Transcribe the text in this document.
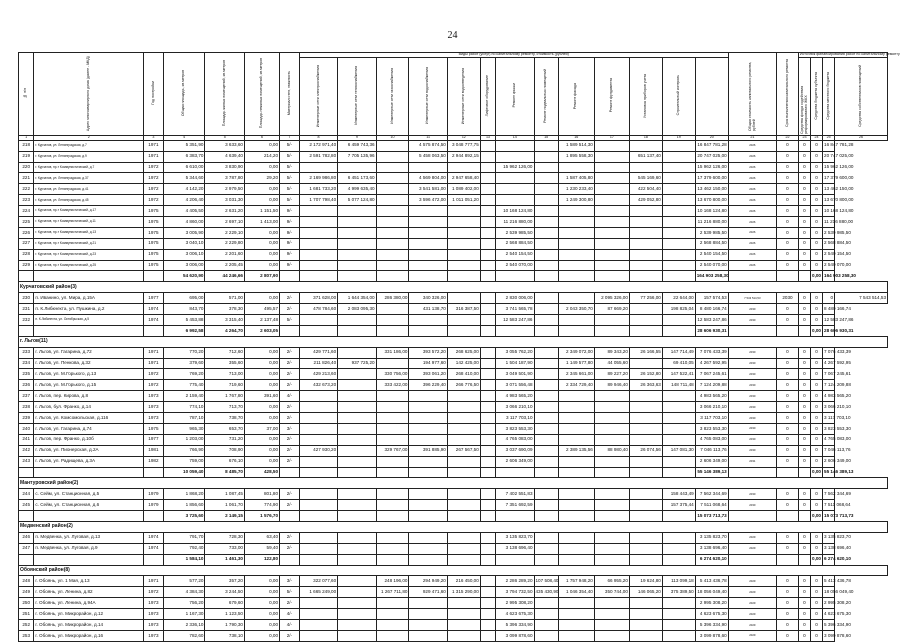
24
№ п/п	Адрес многоквартирного дома (далее - МКД)	Год постройки	Общая площадь, кв.метров	Площадь жилых помещений, кв.метров	Площадь нежилых помещений, кв.метров	Материал стен, этажность	Виды работ (услуг) по капитальному ремонту, стоимость (рублей)													Общая стоимость капитального ремонта, рублей	Срок выполнения капитального ремонта	Источник финансирования работ по капитальному ремонту			
							Инженерные сети электроснабжения	Инженерные сети теплоснабжения	Инженерные сети газоснабжения	Инженерные сети водоснабжения	Инженерные сети водоотведения	Лифтовое оборудование	Ремонт крыши	Ремонт подвальных помещений	Ремонт фасада	Ремонт фундамента	Установка приборов учета	Строительный контроль				Средства фонда содействия реформированию ЖКХ	Средства бюджета субъекта	Средства местного бюджета	Средства собственников помещений
1	2	3	4	5	6	7	8	9	10	11	12	13	14	15	16	17	18	19	20	21	22	23	24	25	26
218	г. Курчатов, ул. Ленинградская, д.7	1971	5 351,90	3 633,60	0,00	5/-	2 172 971,40	6 459 743,36		4 575 874,50	3 048 777,75				1 589 514,30				16 847 781,28	2026	0	0	0	16 847 781,28	
219	г. Курчатов, ул. Ленинградская, д.9	1971	6 383,70	4 639,40	214,20	5/-	2 591 782,80	7 705 135,96		5 458 063,50	2 944 892,15				1 895 558,30		651 137,40		20 747 025,00	2026	0	0	0	20 747 025,00	
220	г. Курчатов, пр-т Коммунистический, д.7	1972	6 610,00	3 830,90	0,00	5/-							15 962 126,00						15 962 126,00	2026	0	0	0	15 962 126,00	
221	г. Курчатов, ул. Ленинградская, д.37	1972	5 344,60	3 787,80	29,20	5/-	2 169 986,80	6 451 173,60		4 569 804,00	2 947 658,40				1 587 405,80		545 169,60		17 379 600,00	2026	0	0	0	17 379 600,00	
222	г. Курчатов, ул. Ленинградская, д.41	1972	4 142,20	2 979,50	0,00	5/-	1 681 733,20	4 999 635,40		3 541 581,00	1 089 402,00				1 230 233,40		422 504,40		13 462 150,00	2026	0	0	0	13 462 150,00	
223	г. Курчатов, ул. Ленинградская, д.45	1972	4 206,40	3 031,30	0,00	5/-	1 707 798,40	5 077 124,80		3 596 472,00	1 011 051,20				1 249 300,80		429 052,80		13 670 800,00	2026	0	0	0	13 670 800,00	
224	г. Курчатов, пр-т Коммунистический, д.17	1975	4 405,50	2 631,20	1 151,50	9/-							10 168 124,80						10 168 124,80	2026	0	0	0	10 168 124,80	
225	г. Курчатов, пр-т Коммунистический, д.11	1975	4 860,00	2 697,10	1 413,00	9/-							11 216 880,00						11 216 880,00	2026	0	0	0	11 216 880,00	
226	г. Курчатов, пр-т Коммунистический, д.13	1975	3 005,90	2 229,10	0,00	9/-							2 539 985,50						2 539 985,50	2026	0	0	0	2 539 985,50	
227	г. Курчатов, пр-т Коммунистический, д.21	1975	3 040,10	2 229,80	0,00	9/-							2 568 884,50						2 568 884,50	2026	0	0	0	2 568 884,50	
228	г. Курчатов, пр-т Коммунистический, д.23	1975	3 006,10	2 201,60	0,00	9/-							2 540 154,50						2 540 154,50	2026	0	0	0	2 540 154,50	
229	г. Курчатов, пр-т Коммунистический, д.25	1975	3 006,00	2 205,45	0,00	9/-							2 540 070,00						2 540 070,00	2026	0	0	0	2 540 070,00	
			54 620,90	44 246,66	2 807,90														164 903 258,30				0,00	164 903 258,30	
Курчатовский район(3)																									
230	п. Иванино, ул. Мира, д.15А	1977	695,00	571,00	0,00	2/-	371 628,00	1 644 354,00	286 380,00	340 326,00			2 830 006,00			2 095 326,00	77 256,00	22 644,00	157 574,53	7 543 514,53	2030	0	0	0	7 543 514,53
231	п. К.Либкнехта, ул. Пушкина, д.2	1974	843,70	378,30	495,57	2/-	478 784,60	2 083 095,30		431 138,70	316 387,50		3 741 565,78		2 043 350,70	87 669,20		198 825,04	8 480 166,74	2030	0	0	0	8 480 166,74	
232	п. К.Либкнехта, ул. Октябрьская, д.5	1974	5 453,88	3 315,40	2 137,48	5/-							12 583 247,86						12 583 247,86	2030	0	0	0	12 583 247,86	
			6 992,58	4 264,70	2 603,05														28 606 930,31				0,00	28 606 930,31	
г. Льгов(11)																									
233	г. Льгов, ул. Гагарина, д.72	1971	770,20	712,60	0,00	2/-	429 771,60		331 186,00	393 572,20	268 625,00		3 055 762,20		2 349 072,00	89 343,20	26 166,55	147 714,49	7 076 433,39	2030	0	0	0	7 076 433,39	
234	г. Льгов, ул. Пенкова, д.32	1971	379,60	355,60	0,00	2/-	211 826,40	937 725,20		194 977,60	142 425,00		1 504 187,90		1 149 577,80	44 055,60		69 410,05	4 267 592,95	2030	0	0	0	4 267 592,95	
235	г. Льгов, ул. М.Горького, д.13	1972	769,20	713,00	0,00	2/-	429 213,60		330 756,00	393 061,20	268 410,00		3 049 501,90		2 345 661,00	89 227,20	26 152,80	147 522,41	7 067 245,61	2030	0	0	0	7 067 245,61	
236	г. Льгов, ул. М.Горького, д.15	1972	775,40	719,60	0,00	2/-	432 673,20		333 422,00	396 229,40	266 776,50		3 071 556,48		2 334 729,40	89 946,40	26 363,63	148 711,48	7 124 209,88	2030	0	0	0	7 124 209,88	
237	г. Льгов, пер. Кирова, д.8	1973	2 159,40	1 767,80	391,60	4/-							4 983 565,20						4 983 565,20	2030	0	0	0	4 983 565,20	
238	г. Льгов, бул. Франко, д.14	1973	774,10	713,70	0,00	2/-							3 066 210,10						3 066 210,10	2030	0	0	0	3 066 210,10	
239	г. Льгов, ул. Комсомольская, д.116	1973	787,10	738,70	0,00	2/-							3 117 703,10						3 117 703,10	2030	0	0	0	3 117 703,10	
240	г. Льгов, ул. Гагарина, д.74	1975	965,30	653,70	37,00	3/-							3 823 553,30						3 823 553,30	2030	0	0	0	3 823 553,30	
241	г. Льгов, пер. Франко, д.10б	1977	1 203,00	731,20	0,00	2/-							4 765 083,00						4 765 083,00	2030	0	0	0	4 765 083,00	
242	г. Льгов, ул. Пионерская, д.2А	1981	766,90	708,90	0,00	2/-	427 930,20		329 767,00	391 885,90	267 567,50		3 037 690,09		2 389 135,56	88 980,40	26 074,56	147 081,30	7 046 113,76	2030	0	0	0	7 046 113,76	
243	г. Льгов, ул. Радищева, д.3А	1982	759,00	676,10	0,00	2/-							2 606 349,00						2 606 349,00	2031	0	0	0	2 606 349,00	
			10 059,40	8 485,70	428,50														55 146 389,13				0,00	55 146 389,13	
Мантуровский район(2)																									
244	с. Сейм, ул. Станционная, д.5	1979	1 868,20	1 087,45	801,80	2/-							7 402 551,83					158 443,49	7 562 344,69	2030	0	0	0	7 562 344,69	
245	с. Сейм, ул. Станционная, д.6	1979	1 856,60	1 061,70	774,90	2/-							7 351 692,59					157 375,44	7 511 068,64	2030	0	0	0	7 511 068,64	
			3 725,60	2 149,15	1 576,70														15 073 713,73				0,00	15 073 713,73	
Медвенский район(2)																									
246	п. Медвенка, ул. Луговая, д.13	1974	791,70	728,30	63,40	2/-							3 135 823,70						3 135 823,70	2029	0	0	0	3 135 823,70	
247	п. Медвенка, ул. Луговая, д.9	1974	792,40	733,00	59,40	2/-							3 138 696,40						3 138 696,40	2029	0	0	0	3 138 696,40	
			1 584,10	1 461,30	122,80														6 274 620,10				0,00	6 274 620,10	
Обоянский район(8)																									
248	г. Обоянь, ул. 1 Мая, д.13	1971	577,20	357,20	0,00	3/-	322 077,60		248 196,00	294 949,20	216 450,00		2 286 289,20	107 508,40	1 757 948,20	66 955,20	19 624,80	113 099,18	5 413 436,78	2029	0	0	0	5 413 436,78	
249	г. Обоянь, ул. Ленина, д.82	1972	4 384,30	3 244,50	0,00	5/-	1 665 249,00		1 267 711,80	929 471,60	1 315 290,00		3 794 732,50	435 430,90	1 046 354,40	350 744,00	146 065,20	375 389,50	18 056 049,40	2029	0	0	0	18 056 049,40	
250	г. Обоянь, ул. Ленина, д.94А	1973	756,20	679,60	0,00	2/-							2 995 308,20						2 995 308,20	2029	0	0	0	2 995 308,20	
251	г. Обоянь, ул. Микрорайон, д.12	1973	1 167,30	1 123,50	0,00	4/-							4 623 675,30						4 623 675,30	2029	0	0	0	4 623 675,30	
252	г. Обоянь, ул. Микрорайон, д.14	1973	2 336,10	1 790,30	0,00	4/-							5 396 334,90						5 396 334,90	2029	0	0	0	5 396 334,90	
253	г. Обоянь, ул. Микрорайон, д.16	1973	782,60	738,10	0,00	2/-							3 099 878,60						3 099 878,60	2029	0	0	0	3 099 878,60	
